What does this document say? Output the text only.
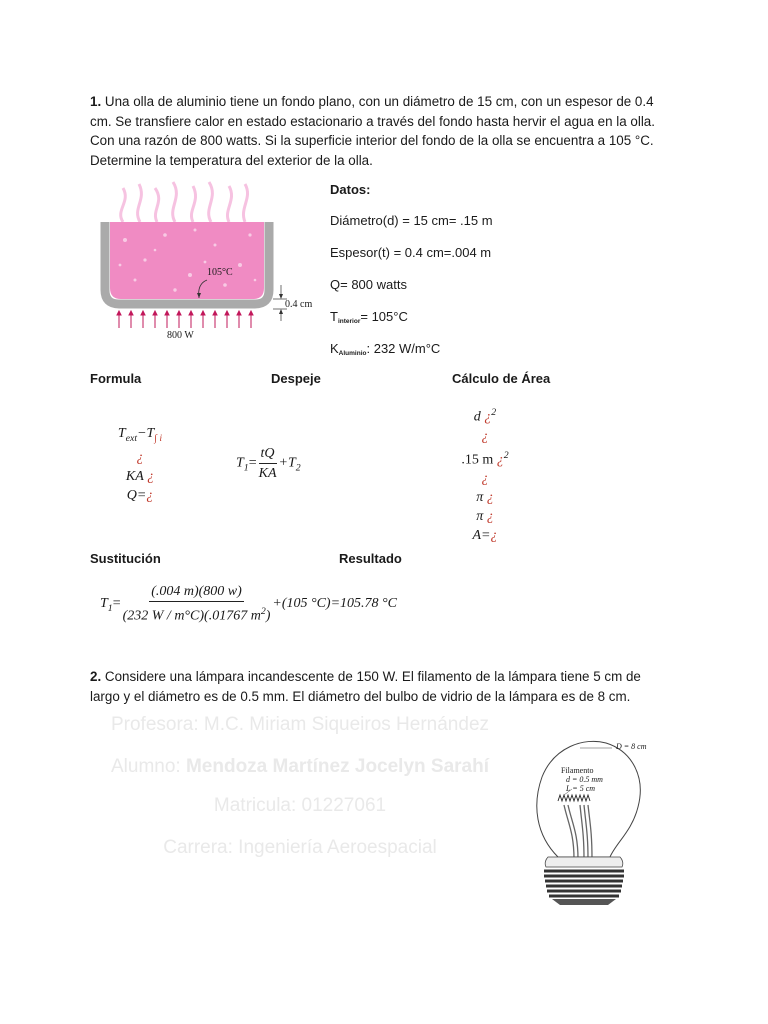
1. Una olla de aluminio tiene un fondo plano, con un diámetro de 15 cm, con un espesor de 0.4
cm. Se transfiere calor en estado estacionario a través del fondo hasta hervir el agua en la olla.
Con una razón de 800 watts. Si la superficie interior del fondo de la olla se encuentra a 105 °C.
Determine la temperatura del exterior de la olla.
105°C
0.4 cm
800 W
Datos:
Diámetro(d) = 15 cm= .15 m
Espesor(t) = 0.4 cm=.004 m
Q= 800 watts
Tinterior= 105°C
KAluminio: 232 W/m°C
Formula	Despeje	Cálculo de Área
$T_{ext}-T_{\int i}$
¿
KA ¿
Q=¿
$T_1= \frac{tQ}{KA} +T_2$
d ¿$^2$
¿
.15 m ¿$^2$
¿
π ¿
π ¿
A=¿
Sustitución	Resultado
$T_1= \frac{(.004 m)(800 w)}{(232 W / m^\circ C)(.01767 m^2)} +(105$ °C)=105.78 °C
2. Considere una lámpara incandescente de 150 W. El filamento de la lámpara tiene 5 cm de
largo y el diámetro es de 0.5 mm. El diámetro del bulbo de vidrio de la lámpara es de 8 cm.
Profesora: M.C. Miriam Siqueiros Hernández
Alumno: Mendoza Martínez Jocelyn Sarahí
Matricula: 01227061
Carrera: Ingeniería Aeroespacial
D = 8 cm
Filamento
d = 0.5 mm
L = 5 cm
